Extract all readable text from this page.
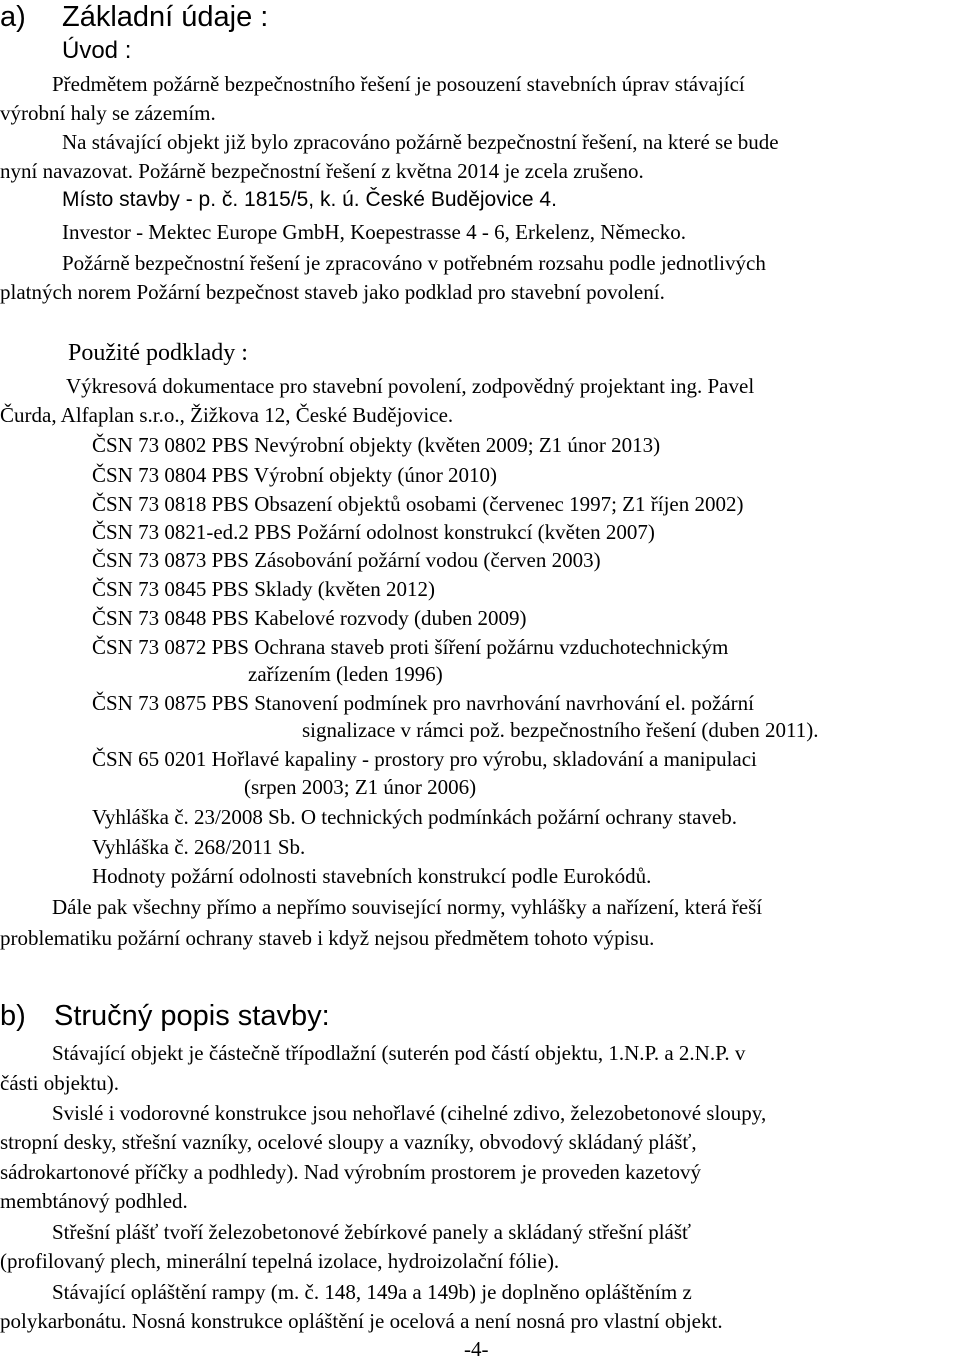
a) Základní údaje :
Úvod :
Předmětem požárně bezpečnostního řešení je posouzení stavebních úprav stávající
výrobní haly se zázemím.
Na stávající objekt již bylo zpracováno požárně bezpečnostní řešení, na které se bude
nyní navazovat. Požárně bezpečnostní řešení z května 2014 je zcela zrušeno.
Místo stavby - p. č. 1815/5, k. ú. České Budějovice 4.
Investor - Mektec Europe GmbH, Koepestrasse 4 - 6, Erkelenz, Německo.
Požárně bezpečnostní řešení je zpracováno v potřebném rozsahu podle jednotlivých
platných norem Požární bezpečnost staveb jako podklad pro stavební povolení.
Použité podklady :
Výkresová dokumentace pro stavební povolení, zodpovědný projektant ing. Pavel
Čurda, Alfaplan s.r.o., Žižkova 12, České Budějovice.
ČSN 73 0802 PBS Nevýrobní objekty (květen 2009; Z1 únor 2013)
ČSN 73 0804 PBS Výrobní objekty (únor 2010)
ČSN 73 0818 PBS Obsazení objektů osobami (červenec 1997; Z1 říjen 2002)
ČSN 73 0821-ed.2 PBS Požární odolnost konstrukcí (květen 2007)
ČSN 73 0873 PBS Zásobování požární vodou (červen 2003)
ČSN 73 0845 PBS Sklady (květen 2012)
ČSN 73 0848 PBS Kabelové rozvody (duben 2009)
ČSN 73 0872 PBS Ochrana staveb proti šíření požárnu vzduchotechnickým
zařízením (leden 1996)
ČSN 73 0875 PBS Stanovení podmínek pro navrhování navrhování el. požární
signalizace v rámci pož. bezpečnostního řešení (duben 2011).
ČSN 65 0201 Hořlavé kapaliny - prostory pro výrobu, skladování a manipulaci
(srpen 2003; Z1 únor 2006)
Vyhláška č. 23/2008 Sb. O technických podmínkách požární ochrany staveb.
Vyhláška č. 268/2011 Sb.
Hodnoty požární odolnosti stavebních konstrukcí podle Eurokódů.
Dále pak všechny přímo a nepřímo související normy, vyhlášky a nařízení, která řeší
problematiku požární ochrany staveb i když nejsou předmětem tohoto výpisu.
b) Stručný popis stavby:
Stávající objekt je částečně třípodlažní (suterén pod částí objektu, 1.N.P. a 2.N.P. v
části objektu).
Svislé i vodorovné konstrukce jsou nehořlavé (cihelné zdivo, železobetonové sloupy,
stropní desky, střešní vazníky, ocelové sloupy a vazníky, obvodový skládaný plášť,
sádrokartonové příčky a podhledy). Nad výrobním prostorem je proveden kazetový
membtánový podhled.
Střešní plášť tvoří železobetonové žebírkové panely a skládaný střešní plášť
(profilovaný plech, minerální tepelná izolace, hydroizolační fólie).
Stávající opláštění rampy (m. č. 148, 149a a 149b) je doplněno opláštěním z
polykarbonátu. Nosná konstrukce opláštění je ocelová a není nosná pro vlastní objekt.
-4-
